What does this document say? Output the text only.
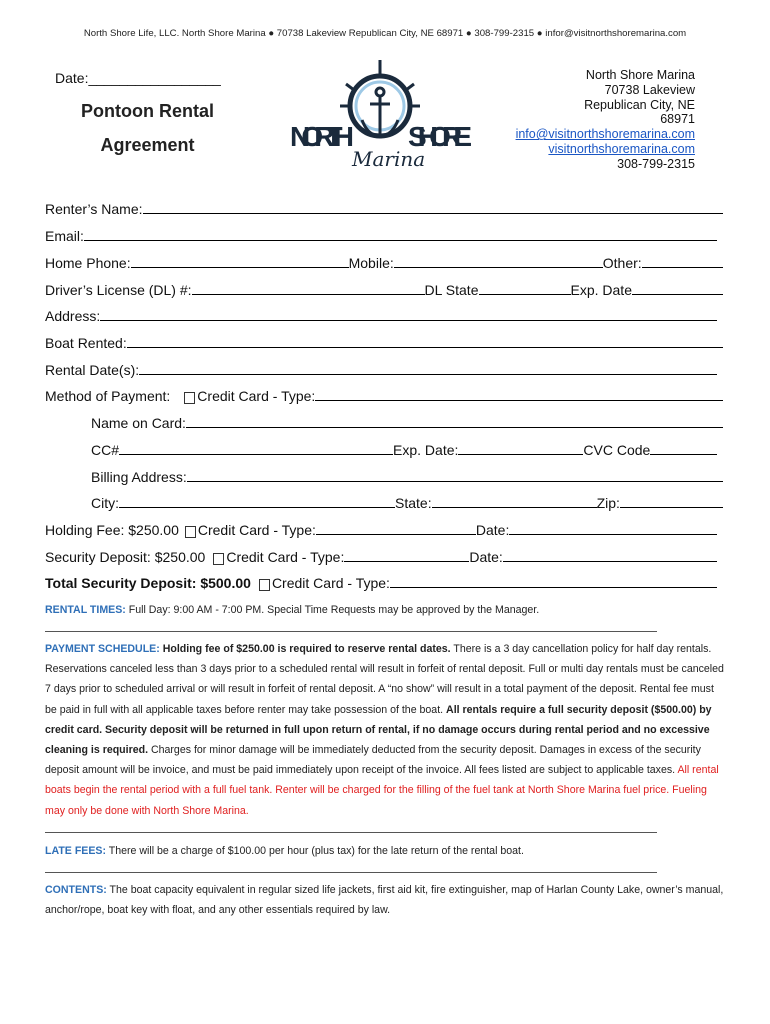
North Shore Life, LLC. North Shore Marina ● 70738 Lakeview Republican City, NE 68971 ● 308-799-2315 ● infor@visitnorthshoremarina.com
Date:_________________
Pontoon Rental
Agreement	NORTH SHORE
Marina
North Shore Marina
70738 Lakeview
Republican City, NE
68971
info@visitnorthshoremarina.com
visitnorthshoremarina.com
308-799-2315
Renter’s Name:
Email:
Home Phone:	Mobile:	Other:
Driver’s License (DL) #:	DL State	Exp. Date
Address:
Boat Rented:
Rental Date(s):
Method of Payment: Credit Card - Type:
Name on Card:
CC#	Exp. Date:	CVC Code
Billing Address:
City:	State:	Zip:
Holding Fee: $250.00 Credit Card - Type:	Date:
Security Deposit: $250.00 Credit Card - Type:	Date:
Total Security Deposit: $500.00 Credit Card - Type:
RENTAL TIMES: Full Day: 9:00 AM - 7:00 PM. Special Time Requests may be approved by the Manager.
PAYMENT SCHEDULE: Holding fee of $250.00 is required to reserve rental dates. There is a 3 day cancellation policy for half day rentals. Reservations canceled less than 3 days prior to a scheduled rental will result in forfeit of rental deposit. Full or multi day rentals must be canceled 7 days prior to scheduled arrival or will result in forfeit of rental deposit. A “no show” will result in a total payment of the deposit. Rental fee must be paid in full with all applicable taxes before renter may take possession of the boat. All rentals require a full security deposit ($500.00) by credit card. Security deposit will be returned in full upon return of rental, if no damage occurs during rental period and no excessive cleaning is required. Charges for minor damage will be immediately deducted from the security deposit. Damages in excess of the security deposit amount will be invoice, and must be paid immediately upon receipt of the invoice. All fees listed are subject to applicable taxes. All rental boats begin the rental period with a full fuel tank. Renter will be charged for the filling of the fuel tank at North Shore Marina fuel price. Fueling may only be done with North Shore Marina.
LATE FEES: There will be a charge of $100.00 per hour (plus tax) for the late return of the rental boat.
CONTENTS: The boat capacity equivalent in regular sized life jackets, first aid kit, fire extinguisher, map of Harlan County Lake, owner’s manual, anchor/rope, boat key with float, and any other essentials required by law.
